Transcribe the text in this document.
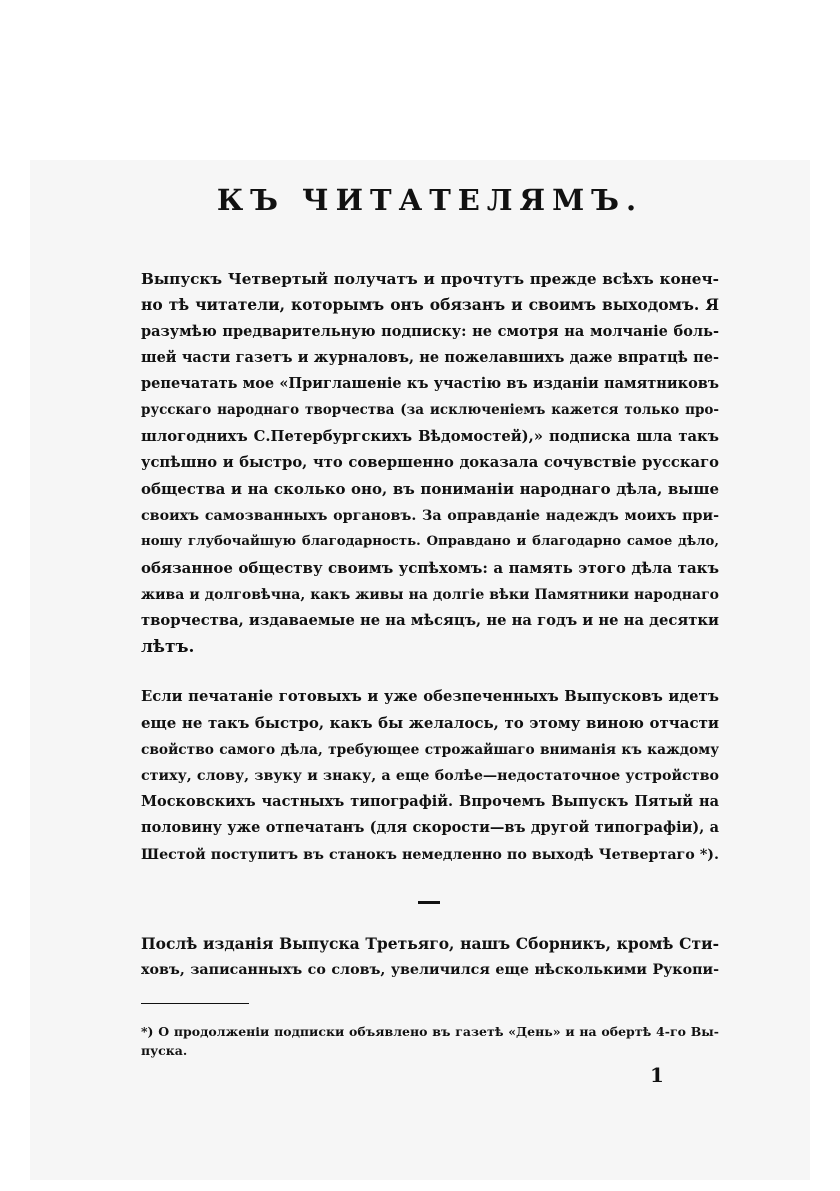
КЪ ЧИТАТЕЛЯМЪ.
Выпускъ Четвертый получатъ и прочтутъ прежде всѣхъ конеч-
но тѣ читатели, которымъ онъ обязанъ и своимъ выходомъ. Я
разумѣю предварительную подписку: не смотря на молчаніе боль-
шей части газетъ и журналовъ, не пожелавшихъ даже впратцѣ пе-
репечатать мое «Приглашеніе къ участію въ изданіи памятниковъ
русскаго народнаго творчества (за исключеніемъ кажется только про-
шлогоднихъ С.Петербургскихъ Вѣдомостей),» подписка шла такъ
успѣшно и быстро, что совершенно доказала сочувствіе русскаго
общества и на сколько оно, въ пониманіи народнаго дѣла, выше
своихъ самозванныхъ органовъ. За оправданіе надеждъ моихъ при-
ношу глубочайшую благодарность. Оправдано и благодарно самое дѣло,
обязанное обществу своимъ успѣхомъ: а память этого дѣла такъ
жива и долговѣчна, какъ живы на долгіе вѣки Памятники народнаго
творчества, издаваемые не на мѣсяцъ, не на годъ и не на десятки
лѣтъ.
Если печатаніе готовыхъ и уже обезпеченныхъ Выпусковъ идетъ
еще не такъ быстро, какъ бы желалось, то этому виною отчасти
свойство самого дѣла, требующее строжайшаго вниманія къ каждому
стиху, слову, звуку и знаку, а еще болѣе—недостаточное устройство
Московскихъ частныхъ типографій. Впрочемъ Выпускъ Пятый на
половину уже отпечатанъ (для скорости—въ другой типографіи), а
Шестой поступитъ въ станокъ немедленно по выходѣ Четвертаго *).
Послѣ изданія Выпуска Третьяго, нашъ Сборникъ, кромѣ Сти-
ховъ, записанныхъ со словъ, увеличился еще нѣсколькими Рукопи-
*) О продолженіи подписки объявлено въ газетѣ «День» и на обертѣ 4-го Вы-
пуска.
1
